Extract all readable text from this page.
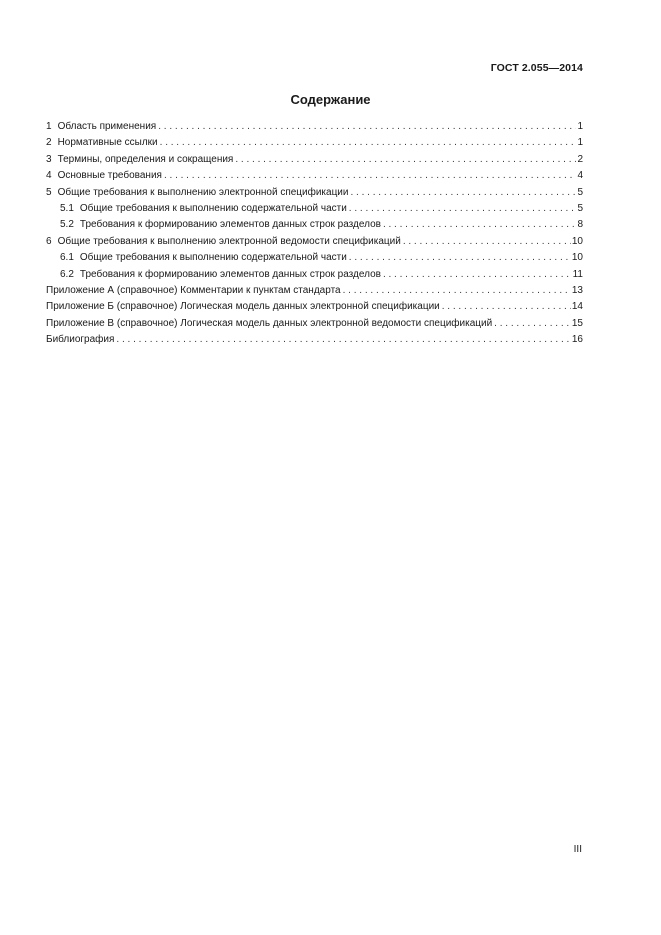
ГОСТ 2.055—2014
Содержание
1 Область применения . . .	1
2 Нормативные ссылки . . .	1
3 Термины, определения и сокращения . . .	2
4 Основные требования . . .	4
5 Общие требования к выполнению электронной спецификации . . .	5
5.1 Общие требования к выполнению содержательной части . . .	5
5.2 Требования к формированию элементов данных строк разделов . . .	8
6 Общие требования к выполнению электронной ведомости спецификаций . . .	10
6.1 Общие требования к выполнению содержательной части . . .	10
6.2 Требования к формированию элементов данных строк разделов . . .	11
Приложение А (справочное) Комментарии к пунктам стандарта . . .	13
Приложение Б (справочное) Логическая модель данных электронной спецификации . . .	14
Приложение В (справочное) Логическая модель данных электронной ведомости спецификаций . . .	15
Библиография . . .	16
III
